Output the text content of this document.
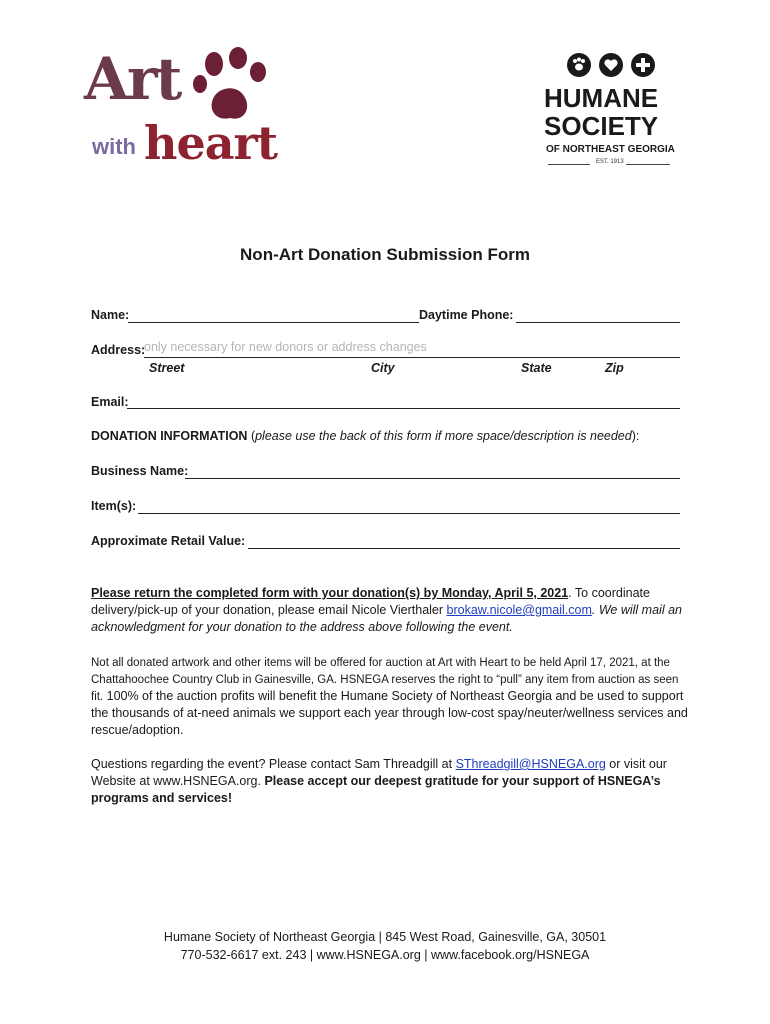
Art
with heart
HUMANE
SOCIETY
OF NORTHEAST GEORGIA
EST. 1913
Non-Art Donation Submission Form
Name:	Daytime Phone:
Address:
only necessary for new donors or address changes
Street	City	State	Zip
Email:
DONATION INFORMATION (please use the back of this form if more space/description is needed):
Business Name:
Item(s):
Approximate Retail Value:
Please return the completed form with your donation(s) by Monday, April 5, 2021. To coordinate delivery/pick-up of your donation, please email Nicole Vierthaler brokaw.nicole@gmail.com. We will mail an acknowledgment for your donation to the address above following the event.
Not all donated artwork and other items will be offered for auction at Art with Heart to be held April 17, 2021, at the Chattahoochee Country Club in Gainesville, GA. HSNEGA reserves the right to “pull” any item from auction as seen fit. 100% of the auction profits will benefit the Humane Society of Northeast Georgia and be used to support the thousands of at-need animals we support each year through low-cost spay/neuter/wellness services and rescue/adoption.
Questions regarding the event? Please contact Sam Threadgill at SThreadgill@HSNEGA.org or visit our Website at www.HSNEGA.org. Please accept our deepest gratitude for your support of HSNEGA’s programs and services!
Humane Society of Northeast Georgia | 845 West Road, Gainesville, GA, 30501
770-532-6617 ext. 243 | www.HSNEGA.org | www.facebook.org/HSNEGA
